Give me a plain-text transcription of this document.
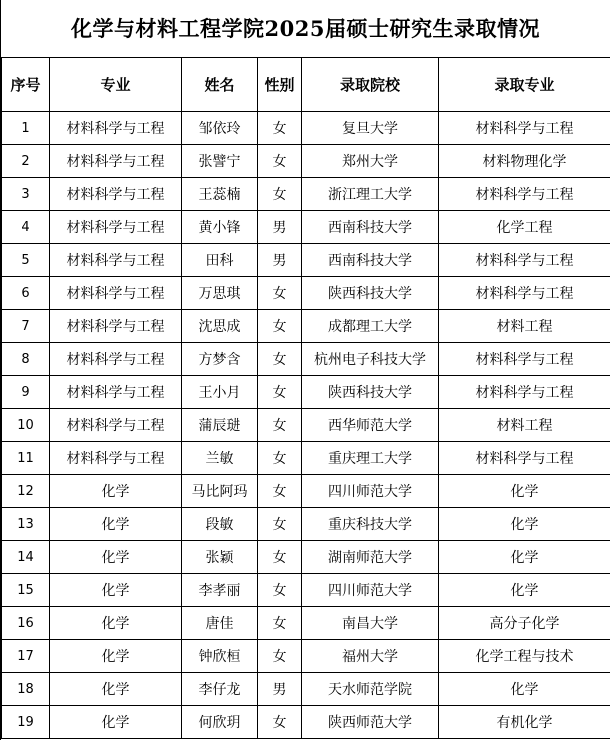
化学与材料工程学院2025届硕士研究生录取情况
序号	专业	姓名	性别	录取院校	录取专业
1	材料科学与工程	邹依玲	女	复旦大学	材料科学与工程
2	材料科学与工程	张譬宁	女	郑州大学	材料物理化学
3	材料科学与工程	王蕊楠	女	浙江理工大学	材料科学与工程
4	材料科学与工程	黄小锋	男	西南科技大学	化学工程
5	材料科学与工程	田科	男	西南科技大学	材料科学与工程
6	材料科学与工程	万思琪	女	陕西科技大学	材料科学与工程
7	材料科学与工程	沈思成	女	成都理工大学	材料工程
8	材料科学与工程	方梦含	女	杭州电子科技大学	材料科学与工程
9	材料科学与工程	王小月	女	陕西科技大学	材料科学与工程
10	材料科学与工程	蒲辰琎	女	西华师范大学	材料工程
11	材料科学与工程	兰敏	女	重庆理工大学	材料科学与工程
12	化学	马比阿玛	女	四川师范大学	化学
13	化学	段敏	女	重庆科技大学	化学
14	化学	张颖	女	湖南师范大学	化学
15	化学	李孝丽	女	四川师范大学	化学
16	化学	唐佳	女	南昌大学	高分子化学
17	化学	钟欣桓	女	福州大学	化学工程与技术
18	化学	李仔龙	男	天水师范学院	化学
19	化学	何欣玥	女	陕西师范大学	有机化学
